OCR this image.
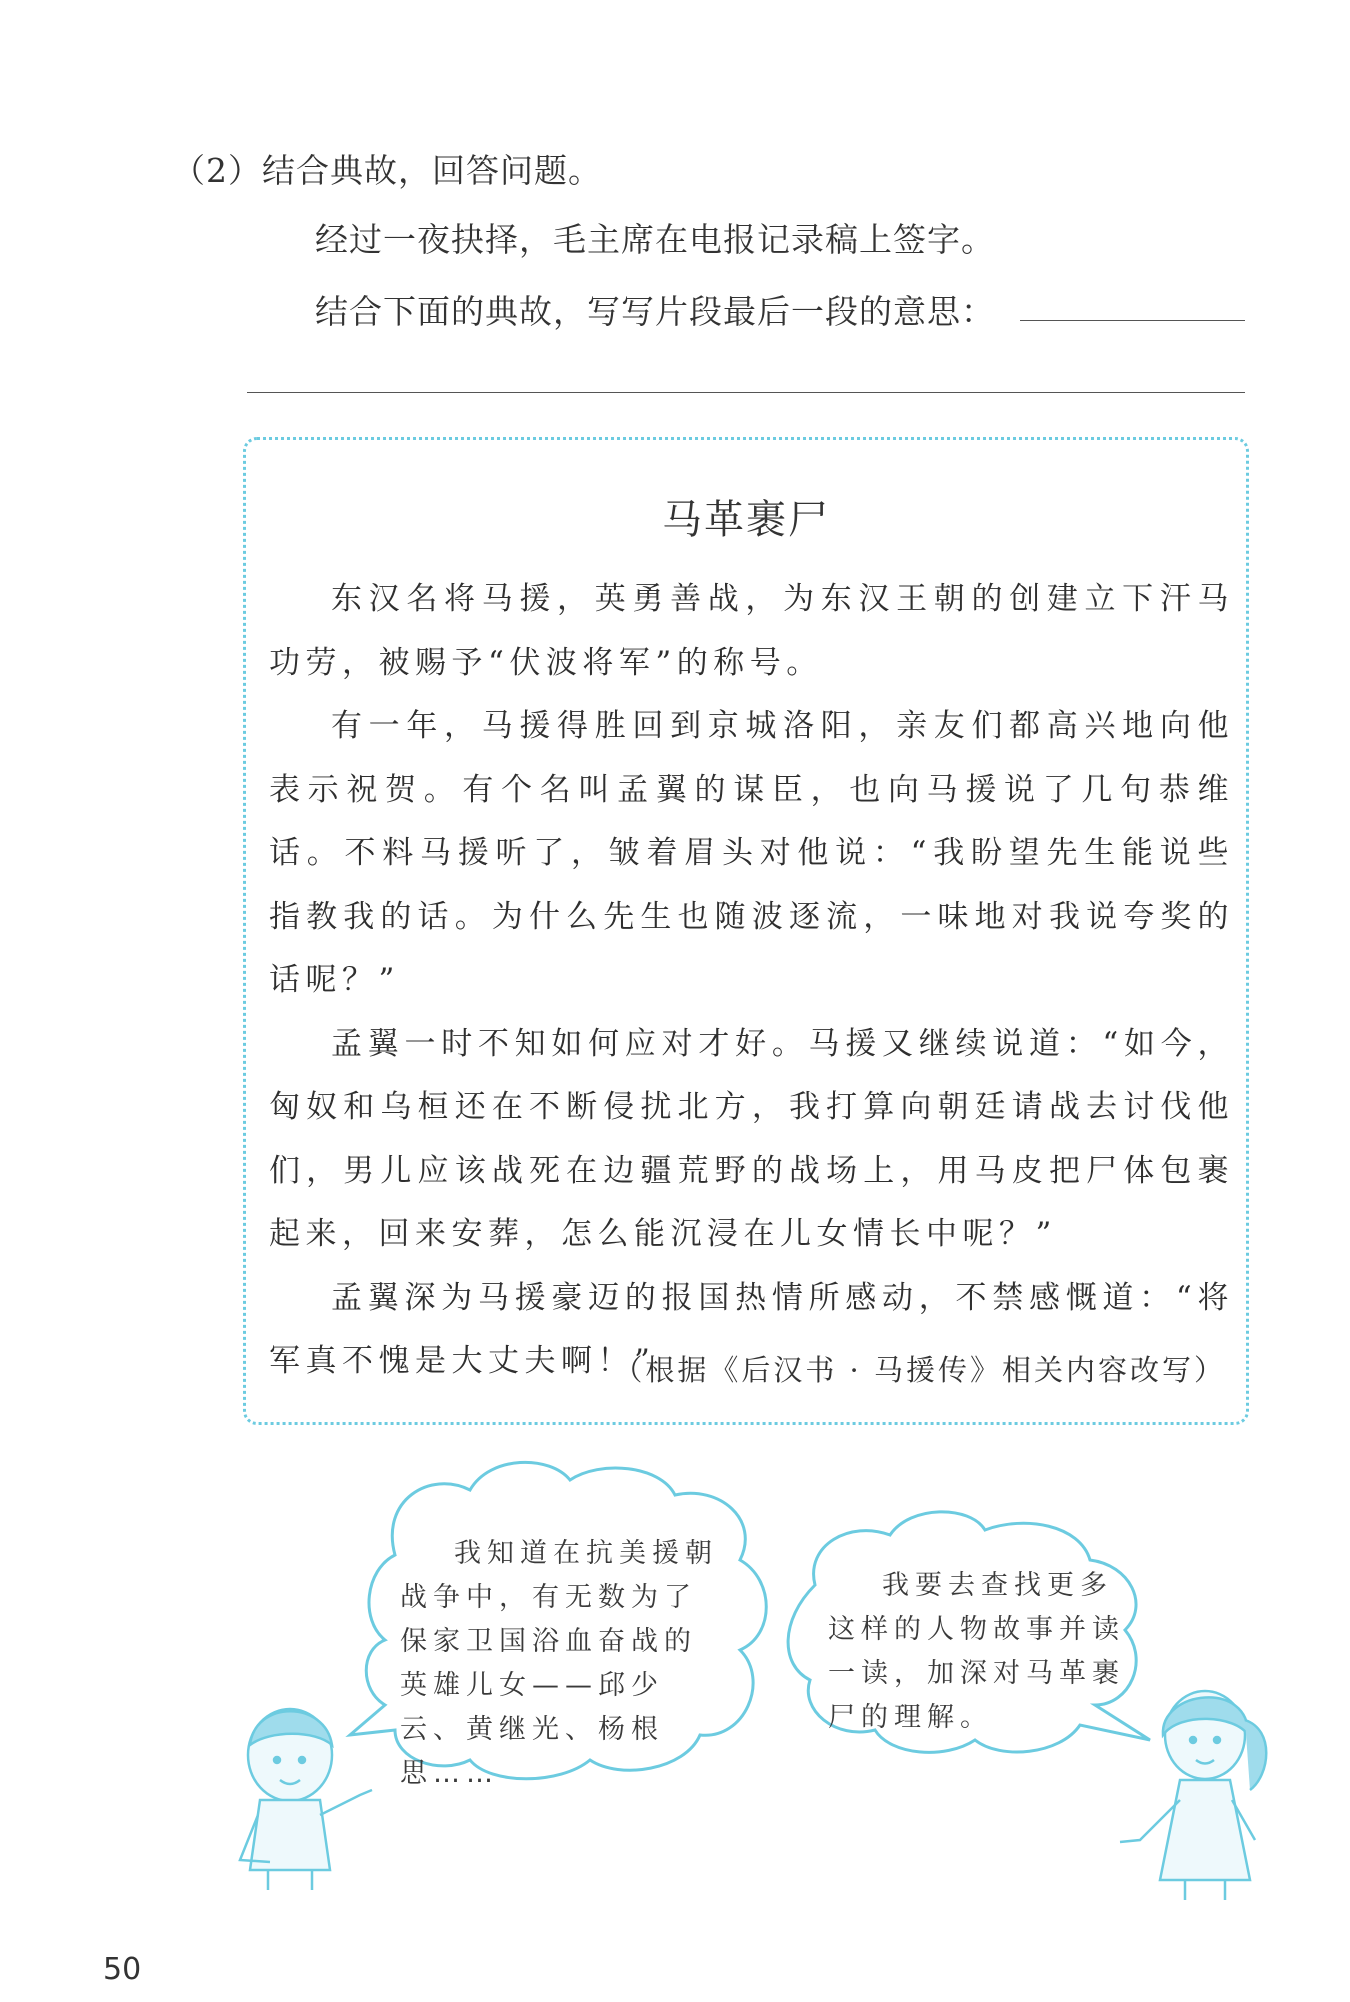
（2）结合典故，回答问题。
经过一夜抉择，毛主席在电报记录稿上签字。
结合下面的典故，写写片段最后一段的意思：
马革裹尸

东汉名将马援，英勇善战，为东汉王朝的创建立下汗马功劳，被赐予“伏波将军”的称号。

有一年，马援得胜回到京城洛阳，亲友们都高兴地向他表示祝贺。有个名叫孟翼的谋臣，也向马援说了几句恭维话。不料马援听了，皱着眉头对他说：“我盼望先生能说些指教我的话。为什么先生也随波逐流，一味地对我说夸奖的话呢？”

孟翼一时不知如何应对才好。马援又继续说道：“如今，匈奴和乌桓还在不断侵扰北方，我打算向朝廷请战去讨伐他们，男儿应该战死在边疆荒野的战场上，用马皮把尸体包裹起来，回来安葬，怎么能沉浸在儿女情长中呢？”

孟翼深为马援豪迈的报国热情所感动，不禁感慨道：“将军真不愧是大丈夫啊！”

（根据《后汉书 · 马援传》相关内容改写）

我知道在抗美援朝战争中，有无数为了保家卫国浴血奋战的英雄儿女——邱少云、黄继光、杨根思……

我要去查找更多这样的人物故事并读一读，加深对马革裹尸的理解。

50
